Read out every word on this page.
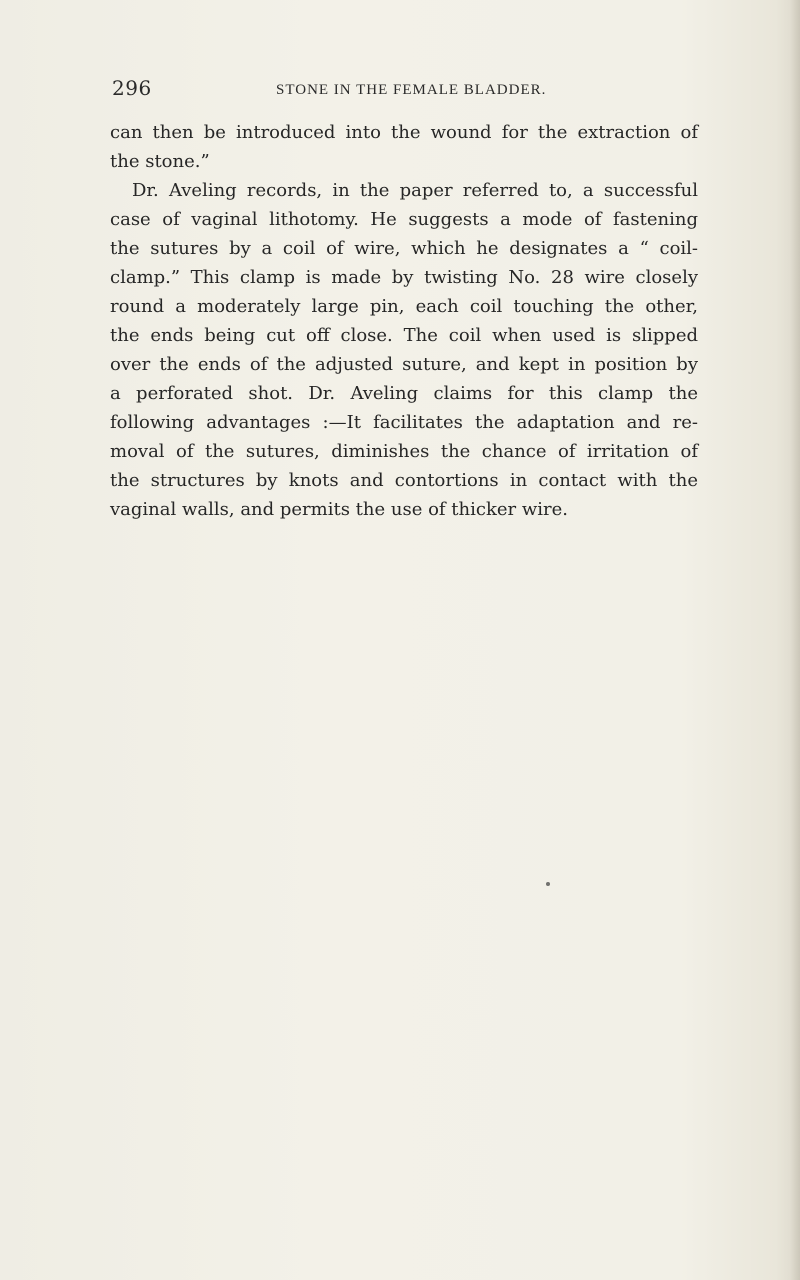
296	STONE IN THE FEMALE BLADDER.
can then be introduced into the wound for the extraction of
the stone.”
Dr. Aveling records, in the paper referred to, a successful
case of vaginal lithotomy. He suggests a mode of fastening
the sutures by a coil of wire, which he designates a “ coil-
clamp.” This clamp is made by twisting No. 28 wire closely
round a moderately large pin, each coil touching the other,
the ends being cut off close. The coil when used is slipped
over the ends of the adjusted suture, and kept in position by
a perforated shot. Dr. Aveling claims for this clamp the
following advantages :—It facilitates the adaptation and re-
moval of the sutures, diminishes the chance of irritation of
the structures by knots and contortions in contact with the
vaginal walls, and permits the use of thicker wire.
